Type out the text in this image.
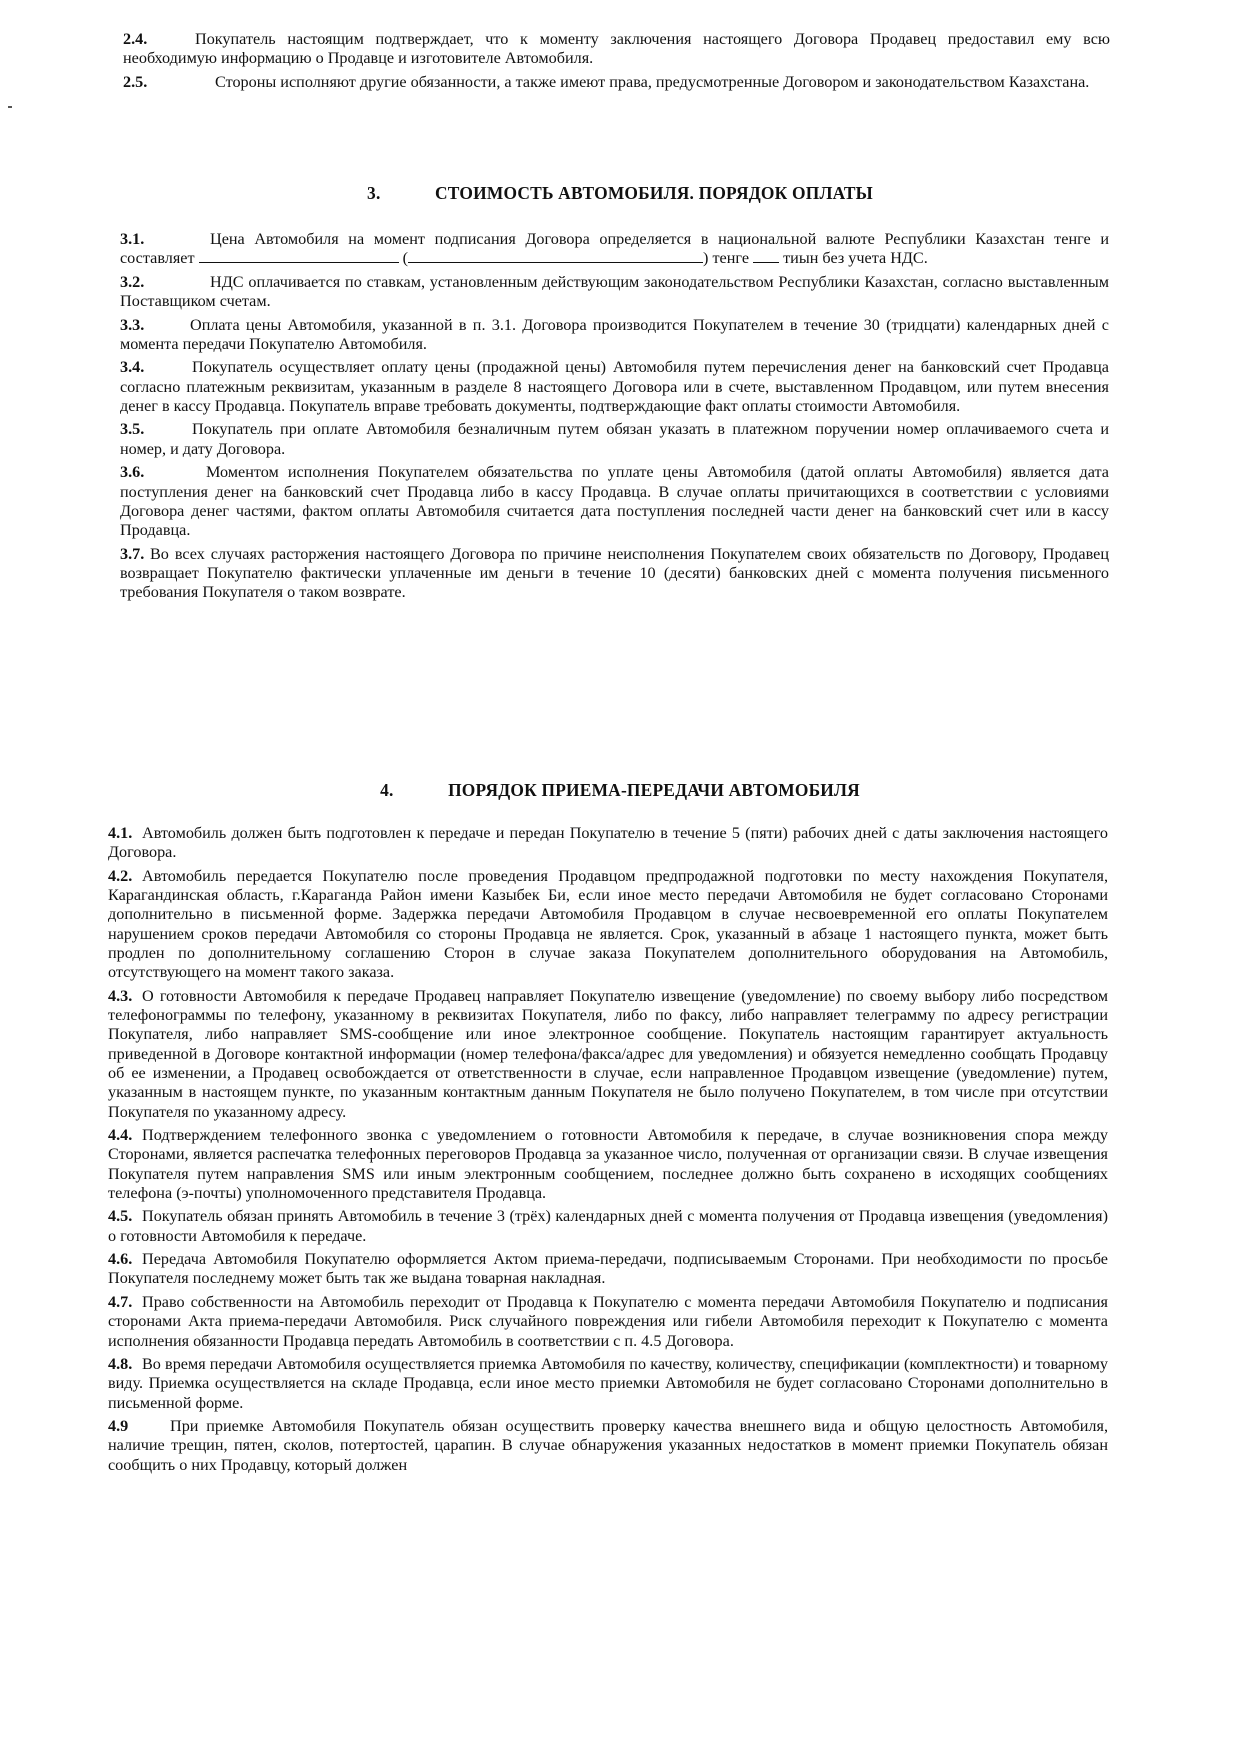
2.4.	Покупатель настоящим подтверждает, что к моменту заключения настоящего Договора Продавец предоставил ему всю необходимую информацию о Продавце и изготовителе Автомобиля.

2.5.	Стороны исполняют другие обязанности, а также имеют права, предусмотренные Договором и законодательством Казахстана.

3.	СТОИМОСТЬ АВТОМОБИЛЯ. ПОРЯДОК ОПЛАТЫ

3.1.	Цена Автомобиля на момент подписания Договора определяется в национальной валюте Республики Казахстан тенге и составляет	(	) тенге тиын без учета НДС.

3.2.	НДС оплачивается по ставкам, установленным действующим законодательством Республики Казахстан, согласно выставленным Поставщиком счетам.

3.3.	Оплата цены Автомобиля, указанной в п. 3.1. Договора производится Покупателем в течение 30 (тридцати) календарных дней с момента передачи Покупателю Автомобиля.

3.4.	Покупатель осуществляет оплату цены (продажной цены) Автомобиля путем перечисления денег на банковский счет Продавца согласно платежным реквизитам, указанным в разделе 8 настоящего Договора или в счете, выставленном Продавцом, или путем внесения денег в кассу Продавца. Покупатель вправе требовать документы, подтверждающие факт оплаты стоимости Автомобиля.

3.5.	Покупатель при оплате Автомобиля безналичным путем обязан указать в платежном поручении номер оплачиваемого счета и номер, и дату Договора.

3.6.	Моментом исполнения Покупателем обязательства по уплате цены Автомобиля (датой оплаты Автомобиля) является дата поступления денег на банковский счет Продавца либо в кассу Продавца. В случае оплаты причитающихся в соответствии с условиями Договора денег частями, фактом оплаты Автомобиля считается дата поступления последней части денег на банковский счет или в кассу Продавца.

3.7. Во всех случаях расторжения настоящего Договора по причине неисполнения Покупателем своих обязательств по Договору, Продавец возвращает Покупателю фактически уплаченные им деньги в течение 10 (десяти) банковских дней с момента получения письменного требования Покупателя о таком возврате.

4.	ПОРЯДОК ПРИЕМА-ПЕРЕДАЧИ АВТОМОБИЛЯ

4.1. Автомобиль должен быть подготовлен к передаче и передан Покупателю в течение 5 (пяти) рабочих дней с даты заключения настоящего Договора.

4.2. Автомобиль передается Покупателю после проведения Продавцом предпродажной подготовки по месту нахождения Покупателя, Карагандинская область, г.Караганда Район имени Казыбек Би, если иное место передачи Автомобиля не будет согласовано Сторонами дополнительно в письменной форме. Задержка передачи Автомобиля Продавцом в случае несвоевременной его оплаты Покупателем нарушением сроков передачи Автомобиля со стороны Продавца не является. Срок, указанный в абзаце 1 настоящего пункта, может быть продлен по дополнительному соглашению Сторон в случае заказа Покупателем дополнительного оборудования на Автомобиль, отсутствующего на момент такого заказа.

4.3. О готовности Автомобиля к передаче Продавец направляет Покупателю извещение (уведомление) по своему выбору либо посредством телефонограммы по телефону, указанному в реквизитах Покупателя, либо по факсу, либо направляет телеграмму по адресу регистрации Покупателя, либо направляет SMS-сообщение или иное электронное сообщение. Покупатель настоящим гарантирует актуальность приведенной в Договоре контактной информации (номер телефона/факса/адрес для уведомления) и обязуется немедленно сообщать Продавцу об ее изменении, а Продавец освобождается от ответственности в случае, если направленное Продавцом извещение (уведомление) путем, указанным в настоящем пункте, по указанным контактным данным Покупателя не было получено Покупателем, в том числе при отсутствии Покупателя по указанному адресу.

4.4. Подтверждением телефонного звонка с уведомлением о готовности Автомобиля к передаче, в случае возникновения спора между Сторонами, является распечатка телефонных переговоров Продавца за указанное число, полученная от организации связи. В случае извещения Покупателя путем направления SMS или иным электронным сообщением, последнее должно быть сохранено в исходящих сообщениях телефона (э-почты) уполномоченного представителя Продавца.

4.5. Покупатель обязан принять Автомобиль в течение 3 (трёх) календарных дней с момента получения от Продавца извещения (уведомления) о готовности Автомобиля к передаче.

4.6. Передача Автомобиля Покупателю оформляется Актом приема-передачи, подписываемым Сторонами. При необходимости по просьбе Покупателя последнему может быть так же выдана товарная накладная.

4.7. Право собственности на Автомобиль переходит от Продавца к Покупателю с момента передачи Автомобиля Покупателю и подписания сторонами Акта приема-передачи Автомобиля. Риск случайного повреждения или гибели Автомобиля переходит к Покупателю с момента исполнения обязанности Продавца передать Автомобиль в соответствии с п. 4.5 Договора.

4.8. Во время передачи Автомобиля осуществляется приемка Автомобиля по качеству, количеству, спецификации (комплектности) и товарному виду. Приемка осуществляется на складе Продавца, если иное место приемки Автомобиля не будет согласовано Сторонами дополнительно в письменной форме.

4.9	При приемке Автомобиля Покупатель обязан осуществить проверку качества внешнего вида и общую целостность Автомобиля, наличие трещин, пятен, сколов, потертостей, царапин. В случае обнаружения указанных недостатков в момент приемки Покупатель обязан сообщить о них Продавцу, который должен
